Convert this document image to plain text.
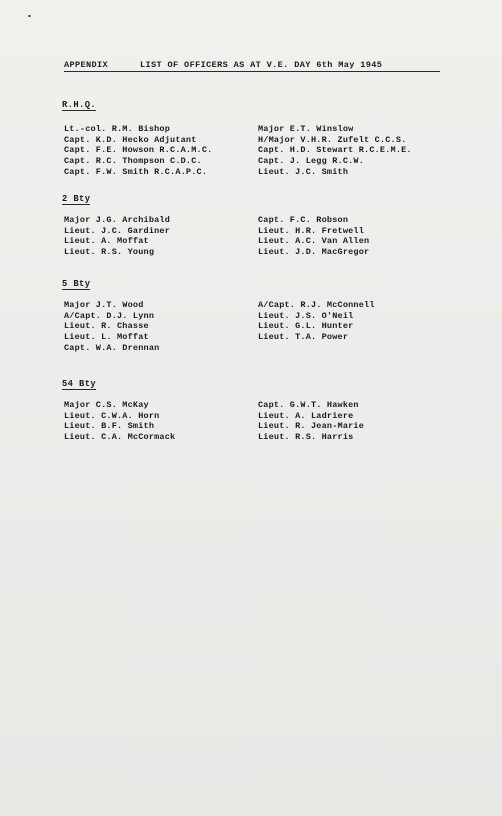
APPENDIX	LIST OF OFFICERS AS AT V.E. DAY 6th May 1945
R.H.Q.
Lt.-col. R.M. Bishop
Capt. K.D. Hecko Adjutant
Capt. F.E. Howson R.C.A.M.C.
Capt. R.C. Thompson C.D.C.
Capt. F.W. Smith R.C.A.P.C.
Major E.T. Winslow
H/Major V.H.R. Zufelt C.C.S.
Capt. H.D. Stewart R.C.E.M.E.
Capt. J. Legg R.C.W.
Lieut. J.C. Smith
2 Bty
Major J.G. Archibald
Lieut. J.C. Gardiner
Lieut. A. Moffat
Lieut. R.S. Young
Capt. F.C. Robson
Lieut. H.R. Fretwell
Lieut. A.C. Van Allen
Lieut. J.D. MacGregor
5 Bty
Major J.T. Wood
A/Capt. D.J. Lynn
Lieut. R. Chasse
Lieut. L. Moffat
Capt. W.A. Drennan
A/Capt. R.J. McConnell
Lieut. J.S. O'Neil
Lieut. G.L. Hunter
Lieut. T.A. Power
54 Bty
Major C.S. McKay
Lieut. C.W.A. Horn
Lieut. B.F. Smith
Lieut. C.A. McCormack
Capt. G.W.T. Hawken
Lieut. A. Ladriere
Lieut. R. Jean-Marie
Lieut. R.S. Harris
